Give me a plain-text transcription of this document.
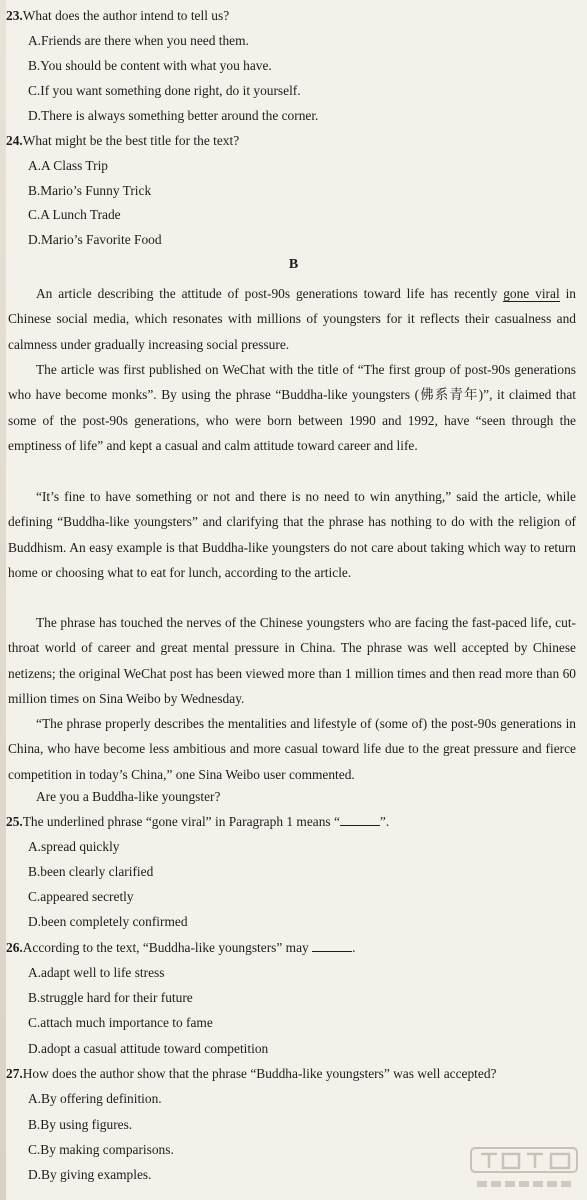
23.What does the author intend to tell us?
A.Friends are there when you need them.
B.You should be content with what you have.
C.If you want something done right, do it yourself.
D.There is always something better around the corner.
24.What might be the best title for the text?
A.A Class Trip
B.Mario’s Funny Trick
C.A Lunch Trade
D.Mario’s Favorite Food
B
An article describing the attitude of post-90s generations toward life has recently gone viral in Chinese social media, which resonates with millions of youngsters for it reflects their casualness and calmness under gradually increasing social pressure.
The article was first published on WeChat with the title of “The first group of post-90s generations who have become monks”. By using the phrase “Buddha-like youngsters (佛系青年)”, it claimed that some of the post-90s generations, who were born between 1990 and 1992, have “seen through the emptiness of life” and kept a casual and calm attitude toward career and life.
“It’s fine to have something or not and there is no need to win anything,” said the article, while defining “Buddha-like youngsters” and clarifying that the phrase has nothing to do with the religion of Buddhism. An easy example is that Buddha-like youngsters do not care about taking which way to return home or choosing what to eat for lunch, according to the article.
The phrase has touched the nerves of the Chinese youngsters who are facing the fast-paced life, cut-throat world of career and great mental pressure in China. The phrase was well accepted by Chinese netizens; the original WeChat post has been viewed more than 1 million times and then read more than 60 million times on Sina Weibo by Wednesday.
“The phrase properly describes the mentalities and lifestyle of (some of) the post-90s generations in China, who have become less ambitious and more casual toward life due to the great pressure and fierce competition in today’s China,” one Sina Weibo user commented.
Are you a Buddha-like youngster?
25.The underlined phrase “gone viral” in Paragraph 1 means “	”.
A.spread quickly
B.been clearly clarified
C.appeared secretly
D.been completely confirmed
26.According to the text, “Buddha-like youngsters” may	.
A.adapt well to life stress
B.struggle hard for their future
C.attach much importance to fame
D.adopt a casual attitude toward competition
27.How does the author show that the phrase “Buddha-like youngsters” was well accepted?
A.By offering definition.
B.By using figures.
C.By making comparisons.
D.By giving examples.
